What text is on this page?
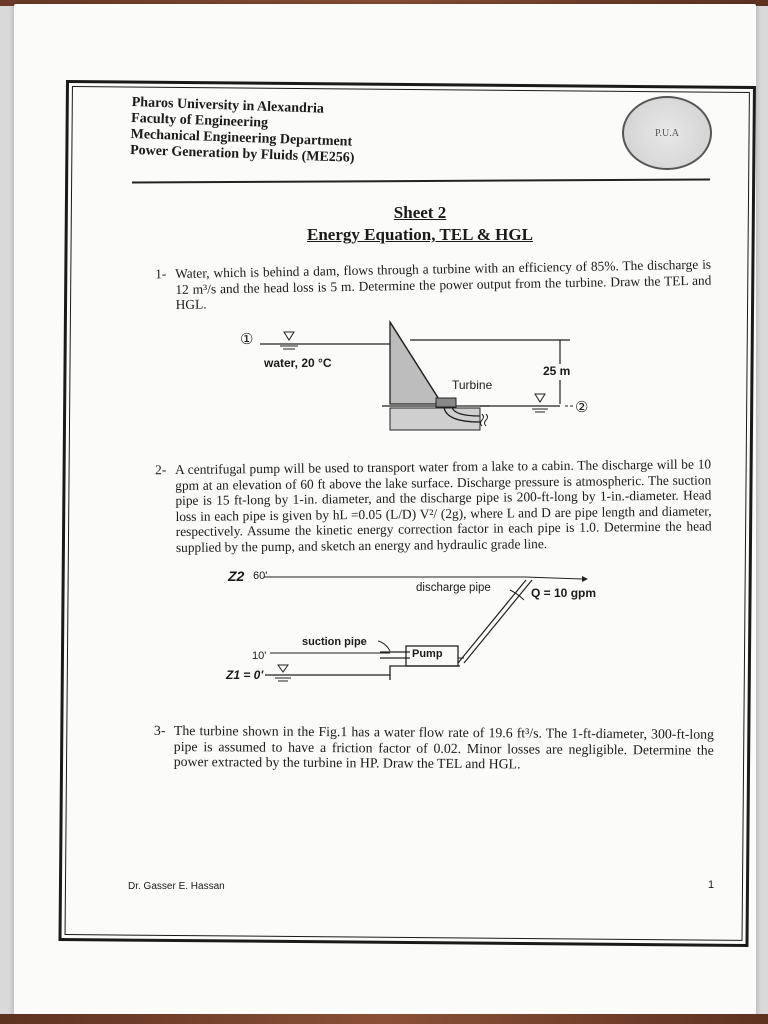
Pharos University in Alexandria
Faculty of Engineering
Mechanical Engineering Department
Power Generation by Fluids (ME256)
P.U.A
Sheet 2
Energy Equation, TEL & HGL
1- Water, which is behind a dam, flows through a turbine with an efficiency of 85%. The discharge is 12 m³/s and the head loss is 5 m. Determine the power output from the turbine. Draw the TEL and HGL.
①
water, 20 °C
25 m
Turbine
②
2- A centrifugal pump will be used to transport water from a lake to a cabin. The discharge will be 10 gpm at an elevation of 60 ft above the lake surface. Discharge pressure is atmospheric. The suction pipe is 15 ft-long by 1-in. diameter, and the discharge pipe is 200-ft-long by 1-in.-diameter. Head loss in each pipe is given by hL =0.05 (L/D) V²/ (2g), where L and D are pipe length and diameter, respectively. Assume the kinetic energy correction factor in each pipe is 1.0. Determine the head supplied by the pump, and sketch an energy and hydraulic grade line.
Z2 60'
discharge pipe	Q = 10 gpm
suction pipe
Pump
10'
Z1 = 0'
3- The turbine shown in the Fig.1 has a water flow rate of 19.6 ft³/s. The 1-ft-diameter, 300-ft-long pipe is assumed to have a friction factor of 0.02. Minor losses are negligible. Determine the power extracted by the turbine in HP. Draw the TEL and HGL.
Dr. Gasser E. Hassan	1
